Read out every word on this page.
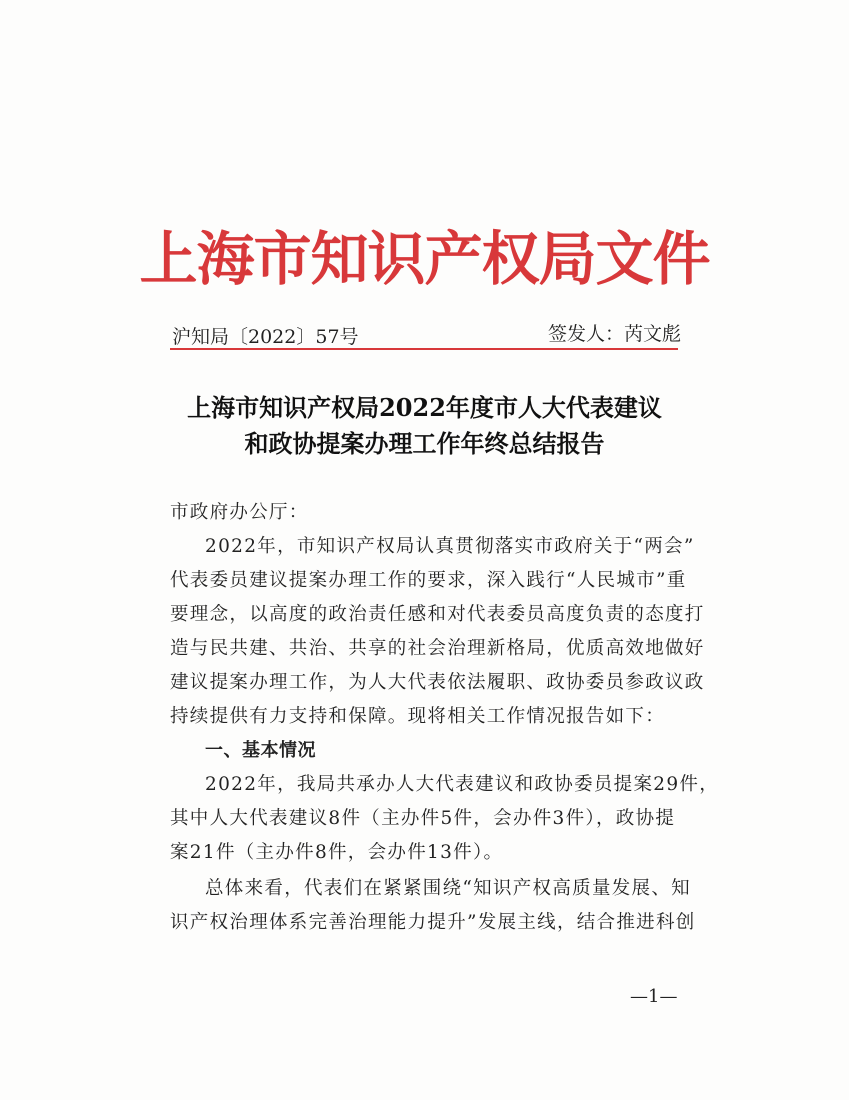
上海市知识产权局文件
沪知局〔2022〕57号	签发人：芮文彪
上海市知识产权局2022年度市人大代表建议
和政协提案办理工作年终总结报告
市政府办公厅：
2022年，市知识产权局认真贯彻落实市政府关于“两会”
代表委员建议提案办理工作的要求，深入践行“人民城市”重
要理念，以高度的政治责任感和对代表委员高度负责的态度打
造与民共建、共治、共享的社会治理新格局，优质高效地做好
建议提案办理工作，为人大代表依法履职、政协委员参政议政
持续提供有力支持和保障。现将相关工作情况报告如下：
一、基本情况
2022年，我局共承办人大代表建议和政协委员提案29件，
其中人大代表建议8件（主办件5件，会办件3件），政协提
案21件（主办件8件，会办件13件）。
总体来看，代表们在紧紧围绕“知识产权高质量发展、知
识产权治理体系完善治理能力提升”发展主线，结合推进科创
—1—
